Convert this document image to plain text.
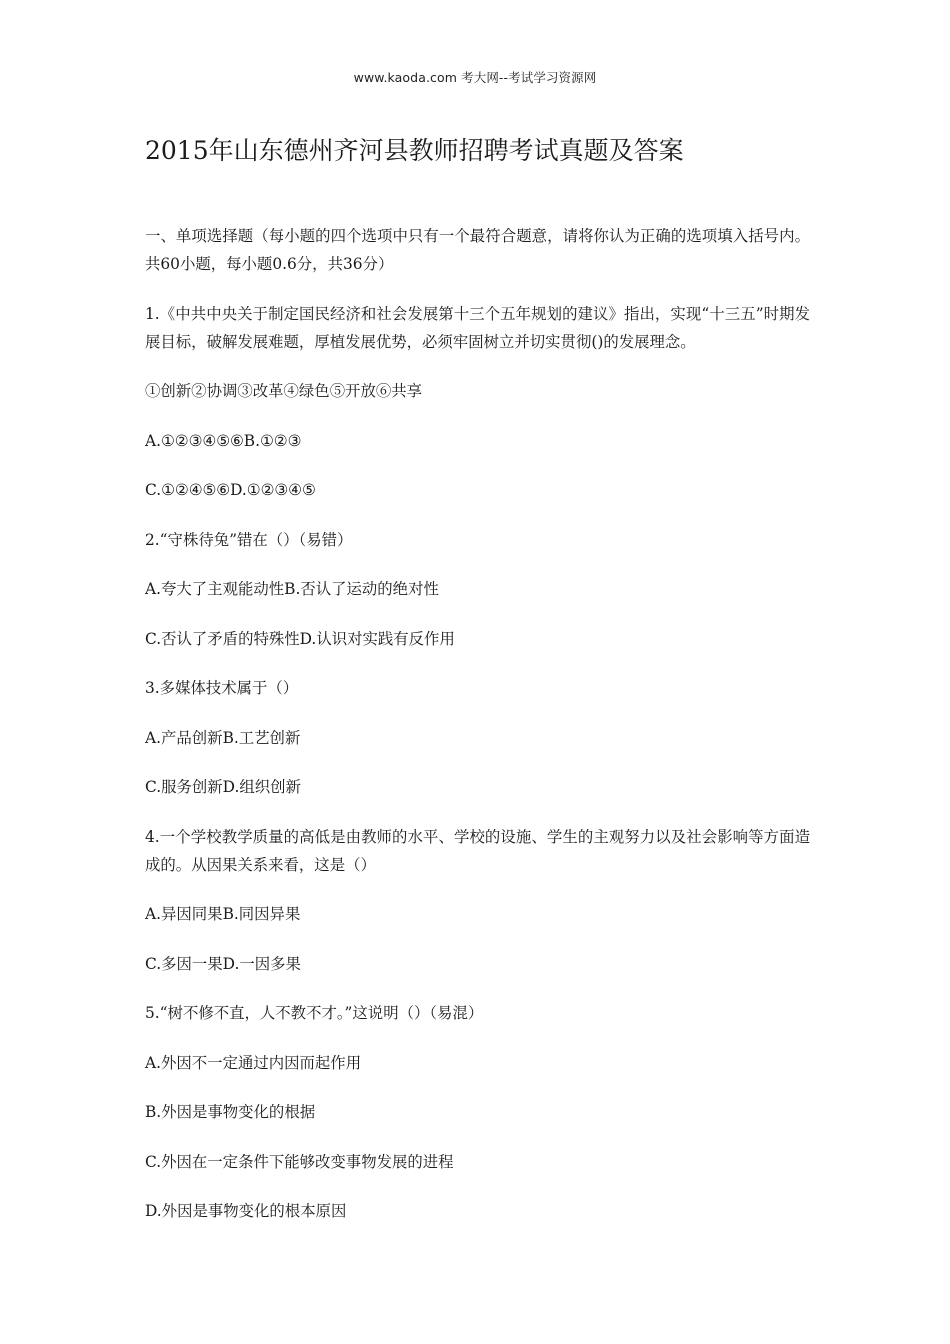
www.kaoda.com 考大网--考试学习资源网
2015年山东德州齐河县教师招聘考试真题及答案

一、单项选择题（每小题的四个选项中只有一个最符合题意，请将你认为正确的选项填入括号内。共60小题，每小题0.6分，共36分）

1.《中共中央关于制定国民经济和社会发展第十三个五年规划的建议》指出，实现“十三五”时期发展目标，破解发展难题，厚植发展优势，必须牢固树立并切实贯彻()的发展理念。

①创新②协调③改革④绿色⑤开放⑥共享

A.①②③④⑤⑥B.①②③

C.①②④⑤⑥D.①②③④⑤

2.“守株待兔”错在（）（易错）

A.夸大了主观能动性B.否认了运动的绝对性

C.否认了矛盾的特殊性D.认识对实践有反作用

3.多媒体技术属于（）

A.产品创新B.工艺创新

C.服务创新D.组织创新

4.一个学校教学质量的高低是由教师的水平、学校的设施、学生的主观努力以及社会影响等方面造成的。从因果关系来看，这是（）

A.异因同果B.同因异果

C.多因一果D.一因多果

5.“树不修不直，人不教不才。”这说明（）（易混）

A.外因不一定通过内因而起作用

B.外因是事物变化的根据

C.外因在一定条件下能够改变事物发展的进程

D.外因是事物变化的根本原因
